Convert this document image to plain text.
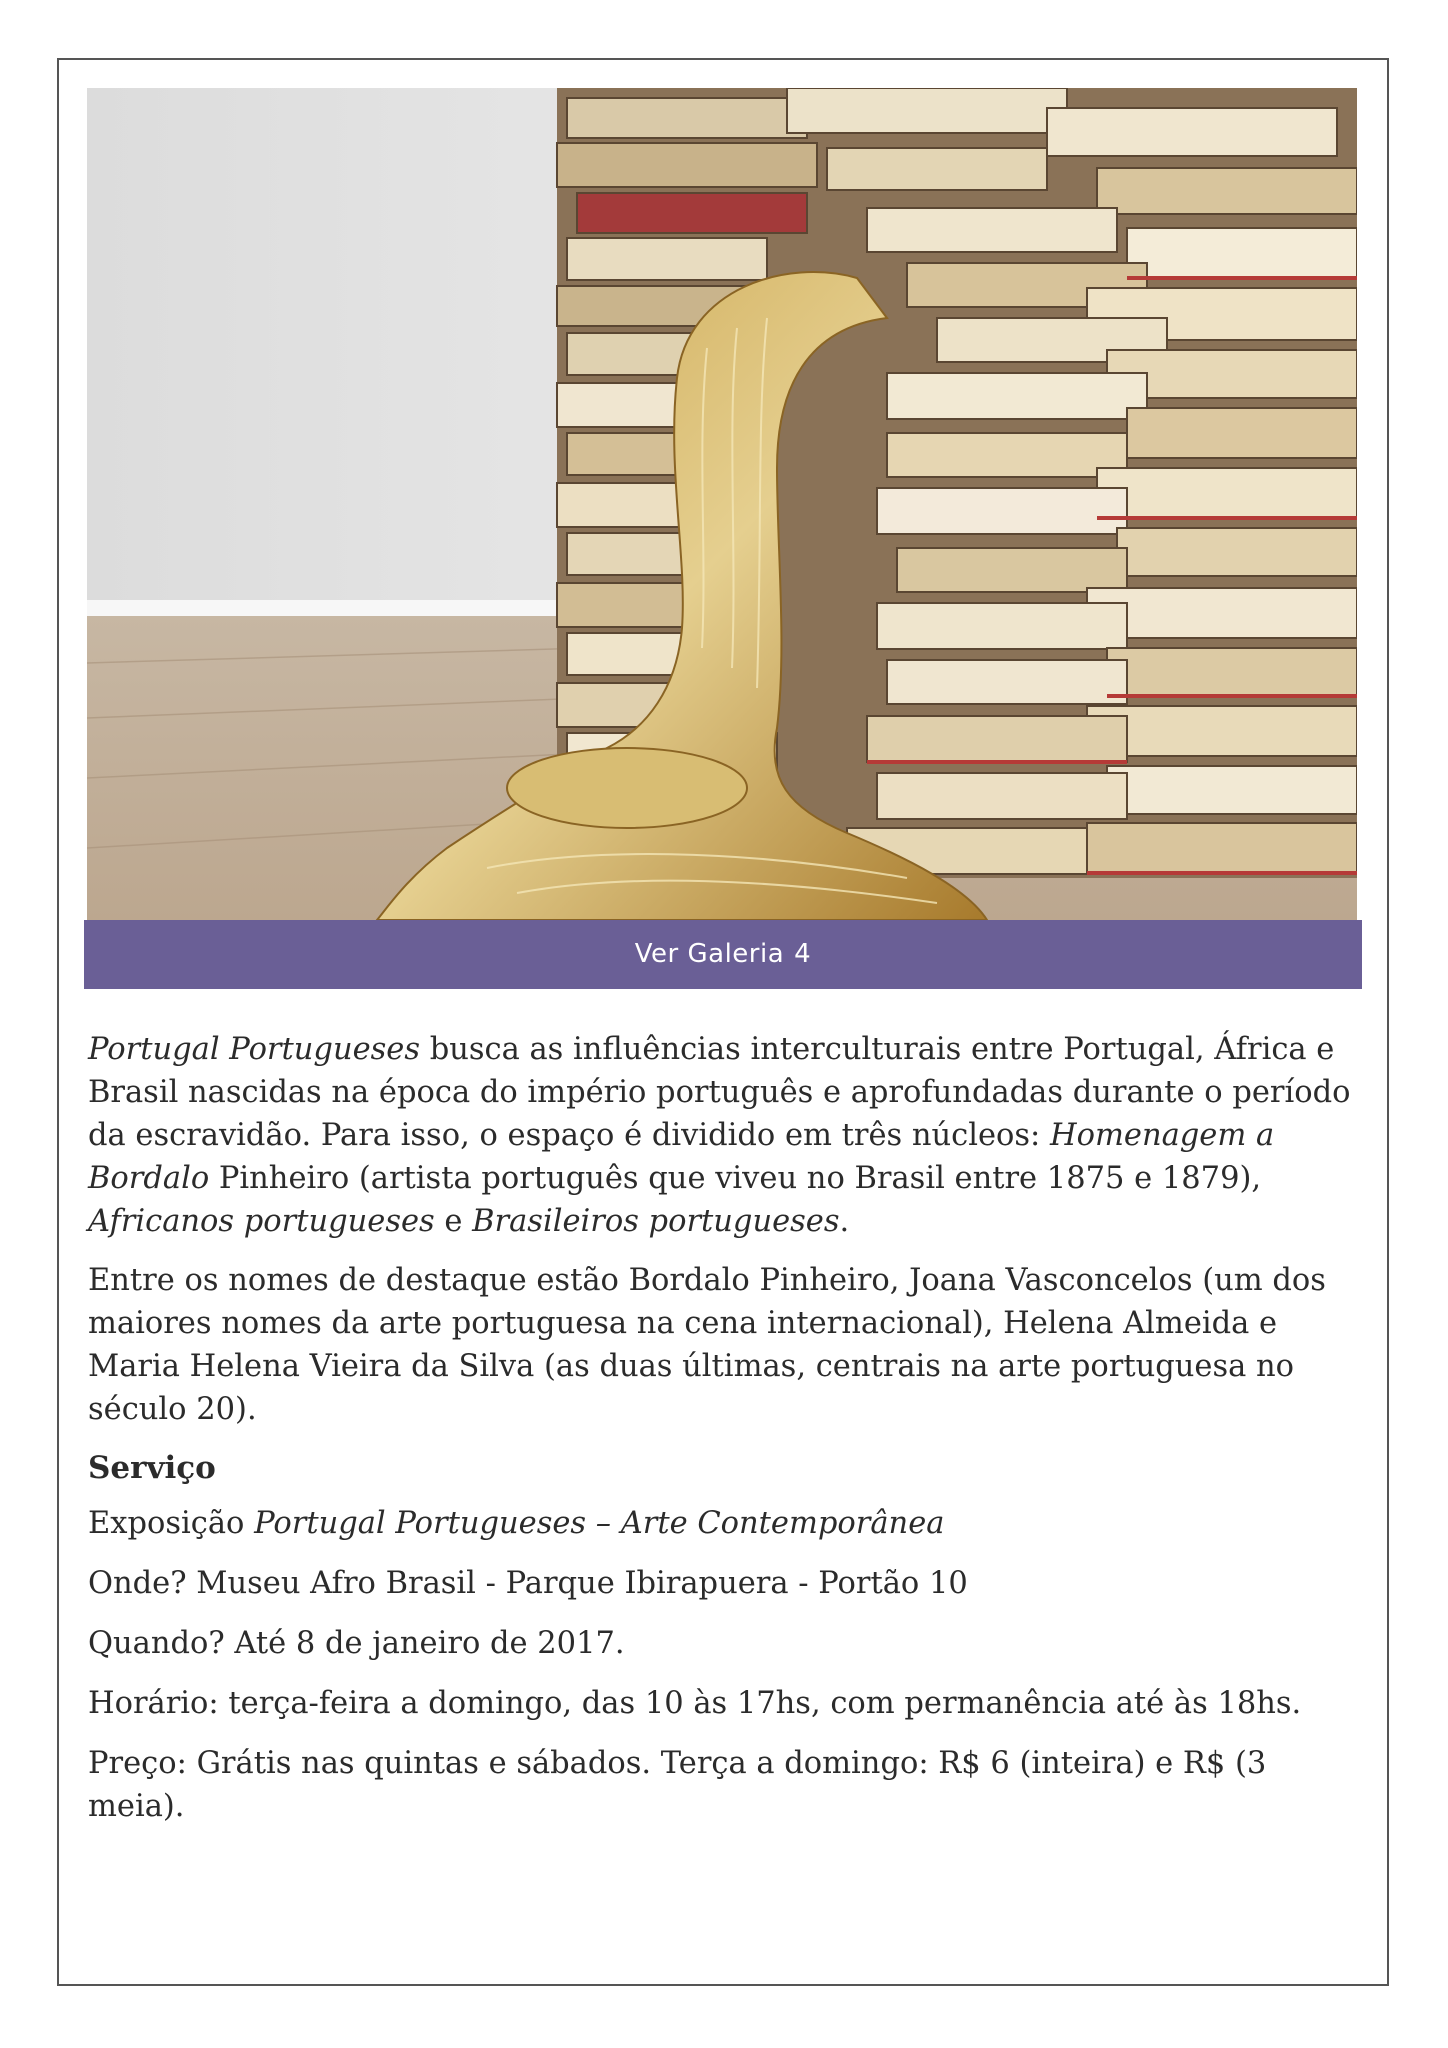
Ver Galeria 4

Portugal Portugueses busca as influências interculturais entre Portugal, África e Brasil nascidas na época do império português e aprofundadas durante o período da escravidão. Para isso, o espaço é dividido em três núcleos: Homenagem a Bordalo Pinheiro (artista português que viveu no Brasil entre 1875 e 1879), Africanos portugueses e Brasileiros portugueses.

Entre os nomes de destaque estão Bordalo Pinheiro, Joana Vasconcelos (um dos maiores nomes da arte portuguesa na cena internacional), Helena Almeida e Maria Helena Vieira da Silva (as duas últimas, centrais na arte portuguesa no século 20).

Serviço

Exposição Portugal Portugueses – Arte Contemporânea

Onde? Museu Afro Brasil - Parque Ibirapuera - Portão 10

Quando? Até 8 de janeiro de 2017.

Horário: terça-feira a domingo, das 10 às 17hs, com permanência até às 18hs.

Preço: Grátis nas quintas e sábados. Terça a domingo: R$ 6 (inteira) e R$ (3 meia).
